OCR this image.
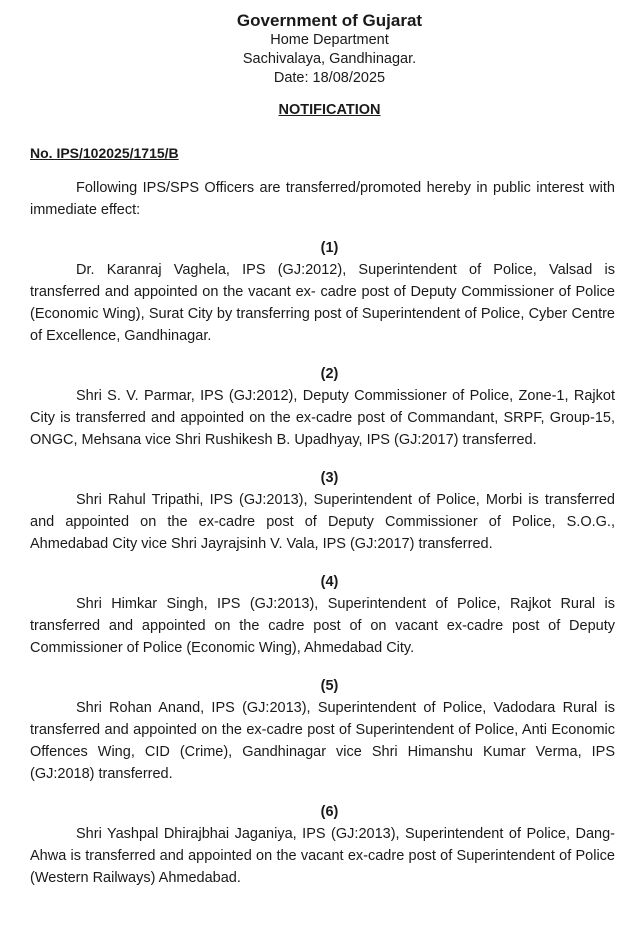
Government of Gujarat
Home Department
Sachivalaya, Gandhinagar.
Date: 18/08/2025
NOTIFICATION
No. IPS/102025/1715/B
Following IPS/SPS Officers are transferred/promoted hereby in public interest with immediate effect:
(1)
Dr. Karanraj Vaghela, IPS (GJ:2012), Superintendent of Police, Valsad is transferred and appointed on the vacant ex- cadre post of Deputy Commissioner of Police (Economic Wing), Surat City by transferring post of Superintendent of Police, Cyber Centre of Excellence, Gandhinagar.
(2)
Shri S. V. Parmar, IPS (GJ:2012), Deputy Commissioner of Police, Zone-1, Rajkot City is transferred and appointed on the ex-cadre post of Commandant, SRPF, Group-15, ONGC, Mehsana vice Shri Rushikesh B. Upadhyay, IPS (GJ:2017) transferred.
(3)
Shri Rahul Tripathi, IPS (GJ:2013), Superintendent of Police, Morbi is transferred and appointed on the ex-cadre post of Deputy Commissioner of Police, S.O.G., Ahmedabad City vice Shri Jayrajsinh V. Vala, IPS (GJ:2017) transferred.
(4)
Shri Himkar Singh, IPS (GJ:2013), Superintendent of Police, Rajkot Rural is transferred and appointed on the cadre post of on vacant ex-cadre post of Deputy Commissioner of Police (Economic Wing), Ahmedabad City.
(5)
Shri Rohan Anand, IPS (GJ:2013), Superintendent of Police, Vadodara Rural is transferred and appointed on the ex-cadre post of Superintendent of Police, Anti Economic Offences Wing, CID (Crime), Gandhinagar vice Shri Himanshu Kumar Verma, IPS (GJ:2018) transferred.
(6)
Shri Yashpal Dhirajbhai Jaganiya, IPS (GJ:2013), Superintendent of Police, Dang-Ahwa is transferred and appointed on the vacant ex-cadre post of Superintendent of Police (Western Railways) Ahmedabad.
